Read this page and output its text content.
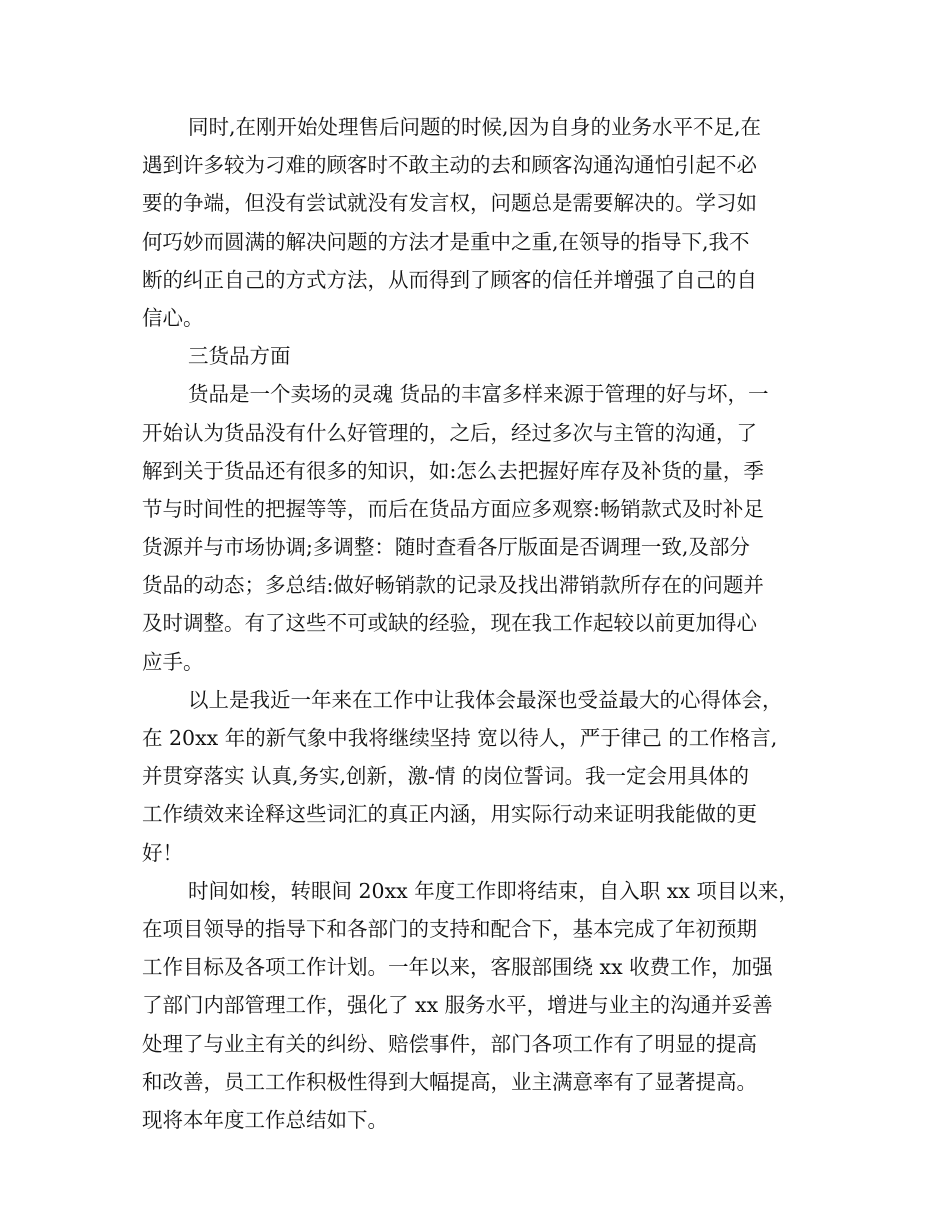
同时,在刚开始处理售后问题的时候,因为自身的业务水平不足,在
遇到许多较为刁难的顾客时不敢主动的去和顾客沟通沟通怕引起不必
要的争端，但没有尝试就没有发言权，问题总是需要解决的。学习如
何巧妙而圆满的解决问题的方法才是重中之重,在领导的指导下,我不
断的纠正自己的方式方法，从而得到了顾客的信任并增强了自己的自
信心。
三货品方面
货品是一个卖场的灵魂 货品的丰富多样来源于管理的好与坏，一
开始认为货品没有什么好管理的，之后，经过多次与主管的沟通，了
解到关于货品还有很多的知识，如:怎么去把握好库存及补货的量，季
节与时间性的把握等等，而后在货品方面应多观察:畅销款式及时补足
货源并与市场协调;多调整：随时查看各厅版面是否调理一致,及部分
货品的动态；多总结:做好畅销款的记录及找出滞销款所存在的问题并
及时调整。有了这些不可或缺的经验，现在我工作起较以前更加得心
应手。
以上是我近一年来在工作中让我体会最深也受益最大的心得体会，
在 20xx 年的新气象中我将继续坚持 宽以待人，严于律己 的工作格言,
并贯穿落实 认真,务实,创新，激-情 的岗位誓词。我一定会用具体的
工作绩效来诠释这些词汇的真正内涵，用实际行动来证明我能做的更
好！
时间如梭，转眼间 20xx 年度工作即将结束，自入职 xx 项目以来，
在项目领导的指导下和各部门的支持和配合下，基本完成了年初预期
工作目标及各项工作计划。一年以来，客服部围绕 xx 收费工作，加强
了部门内部管理工作，强化了 xx 服务水平，增进与业主的沟通并妥善
处理了与业主有关的纠纷、赔偿事件，部门各项工作有了明显的提高
和改善，员工工作积极性得到大幅提高，业主满意率有了显著提高。
现将本年度工作总结如下。
